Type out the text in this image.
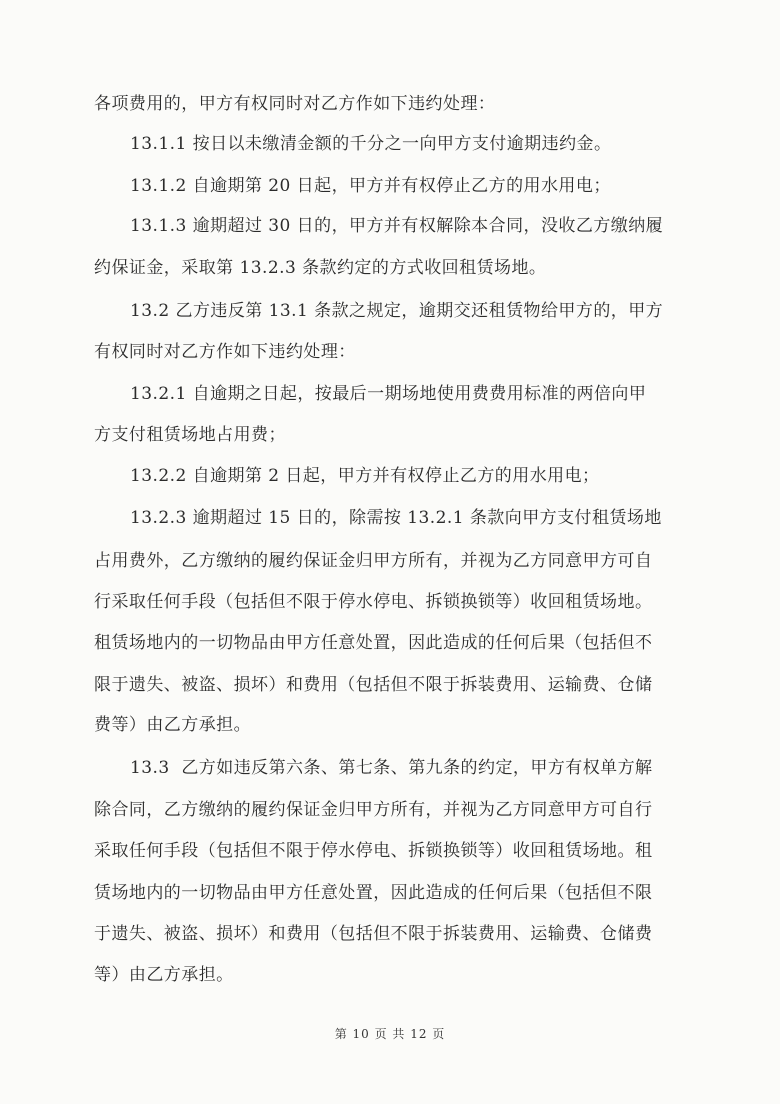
各项费用的，甲方有权同时对乙方作如下违约处理：
13.1.1 按日以未缴清金额的千分之一向甲方支付逾期违约金。
13.1.2 自逾期第 20 日起，甲方并有权停止乙方的用水用电；
13.1.3 逾期超过 30 日的，甲方并有权解除本合同，没收乙方缴纳履
约保证金，采取第 13.2.3 条款约定的方式收回租赁场地。
13.2 乙方违反第 13.1 条款之规定，逾期交还租赁物给甲方的，甲方
有权同时对乙方作如下违约处理：
13.2.1 自逾期之日起，按最后一期场地使用费费用标准的两倍向甲
方支付租赁场地占用费；
13.2.2 自逾期第 2 日起，甲方并有权停止乙方的用水用电；
13.2.3 逾期超过 15 日的，除需按 13.2.1 条款向甲方支付租赁场地
占用费外，乙方缴纳的履约保证金归甲方所有，并视为乙方同意甲方可自
行采取任何手段（包括但不限于停水停电、拆锁换锁等）收回租赁场地。
租赁场地内的一切物品由甲方任意处置，因此造成的任何后果（包括但不
限于遗失、被盗、损坏）和费用（包括但不限于拆装费用、运输费、仓储
费等）由乙方承担。
13.3  乙方如违反第六条、第七条、第九条的约定，甲方有权单方解
除合同，乙方缴纳的履约保证金归甲方所有，并视为乙方同意甲方可自行
采取任何手段（包括但不限于停水停电、拆锁换锁等）收回租赁场地。租
赁场地内的一切物品由甲方任意处置，因此造成的任何后果（包括但不限
于遗失、被盗、损坏）和费用（包括但不限于拆装费用、运输费、仓储费
等）由乙方承担。
第 10 页 共 12 页
